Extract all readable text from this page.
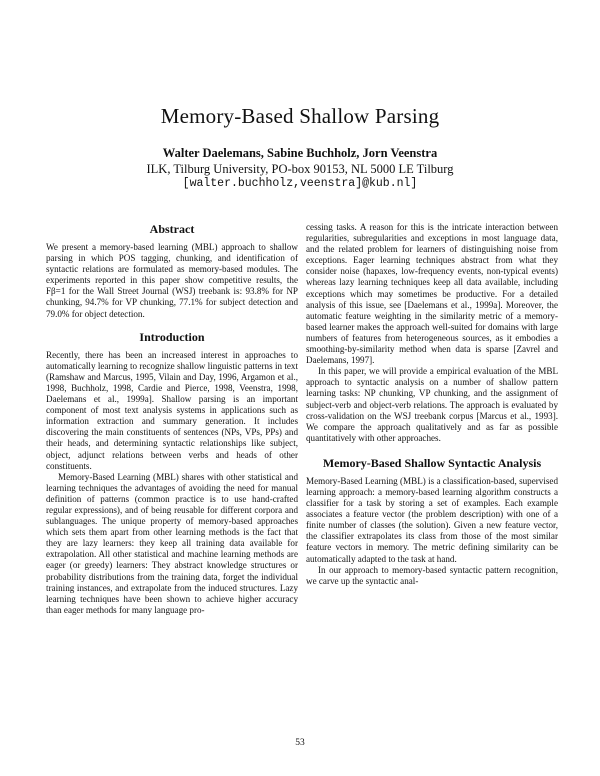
Memory-Based Shallow Parsing
Walter Daelemans, Sabine Buchholz, Jorn Veenstra
ILK, Tilburg University, PO-box 90153, NL 5000 LE Tilburg
[walter.buchholz,veenstra]@kub.nl]
Abstract

We present a memory-based learning (MBL) approach to shallow parsing in which POS tagging, chunking, and identification of syntactic relations are formulated as memory-based modules. The experiments reported in this paper show competitive results, the Fβ=1 for the Wall Street Journal (WSJ) treebank is: 93.8% for NP chunking, 94.7% for VP chunking, 77.1% for subject detection and 79.0% for object detection.

Introduction

Recently, there has been an increased interest in approaches to automatically learning to recognize shallow linguistic patterns in text (Ramshaw and Marcus, 1995, Vilain and Day, 1996, Argamon et al., 1998, Buchholz, 1998, Cardie and Pierce, 1998, Veenstra, 1998, Daelemans et al., 1999a]. Shallow parsing is an important component of most text analysis systems in applications such as information extraction and summary generation. It includes discovering the main constituents of sentences (NPs, VPs, PPs) and their heads, and determining syntactic relationships like subject, object, adjunct relations between verbs and heads of other constituents.

Memory-Based Learning (MBL) shares with other statistical and learning techniques the advantages of avoiding the need for manual definition of patterns (common practice is to use hand-crafted regular expressions), and of being reusable for different corpora and sublanguages. The unique property of memory-based approaches which sets them apart from other learning methods is the fact that they are lazy learners: they keep all training data available for extrapolation. All other statistical and machine learning methods are eager (or greedy) learners: They abstract knowledge structures or probability distributions from the training data, forget the individual training instances, and extrapolate from the induced structures. Lazy learning techniques have been shown to achieve higher accuracy than eager methods for many language pro-

cessing tasks. A reason for this is the intricate interaction between regularities, subregularities and exceptions in most language data, and the related problem for learners of distinguishing noise from exceptions. Eager learning techniques abstract from what they consider noise (hapaxes, low-frequency events, non-typical events) whereas lazy learning techniques keep all data available, including exceptions which may sometimes be productive. For a detailed analysis of this issue, see [Daelemans et al., 1999a]. Moreover, the automatic feature weighting in the similarity metric of a memory-based learner makes the approach well-suited for domains with large numbers of features from heterogeneous sources, as it embodies a smoothing-by-similarity method when data is sparse [Zavrel and Daelemans, 1997].

In this paper, we will provide a empirical evaluation of the MBL approach to syntactic analysis on a number of shallow pattern learning tasks: NP chunking, VP chunking, and the assignment of subject-verb and object-verb relations. The approach is evaluated by cross-validation on the WSJ treebank corpus [Marcus et al., 1993]. We compare the approach qualitatively and as far as possible quantitatively with other approaches.

Memory-Based Shallow Syntactic Analysis

Memory-Based Learning (MBL) is a classification-based, supervised learning approach: a memory-based learning algorithm constructs a classifier for a task by storing a set of examples. Each example associates a feature vector (the problem description) with one of a finite number of classes (the solution). Given a new feature vector, the classifier extrapolates its class from those of the most similar feature vectors in memory. The metric defining similarity can be automatically adapted to the task at hand.

In our approach to memory-based syntactic pattern recognition, we carve up the syntactic anal-

53
